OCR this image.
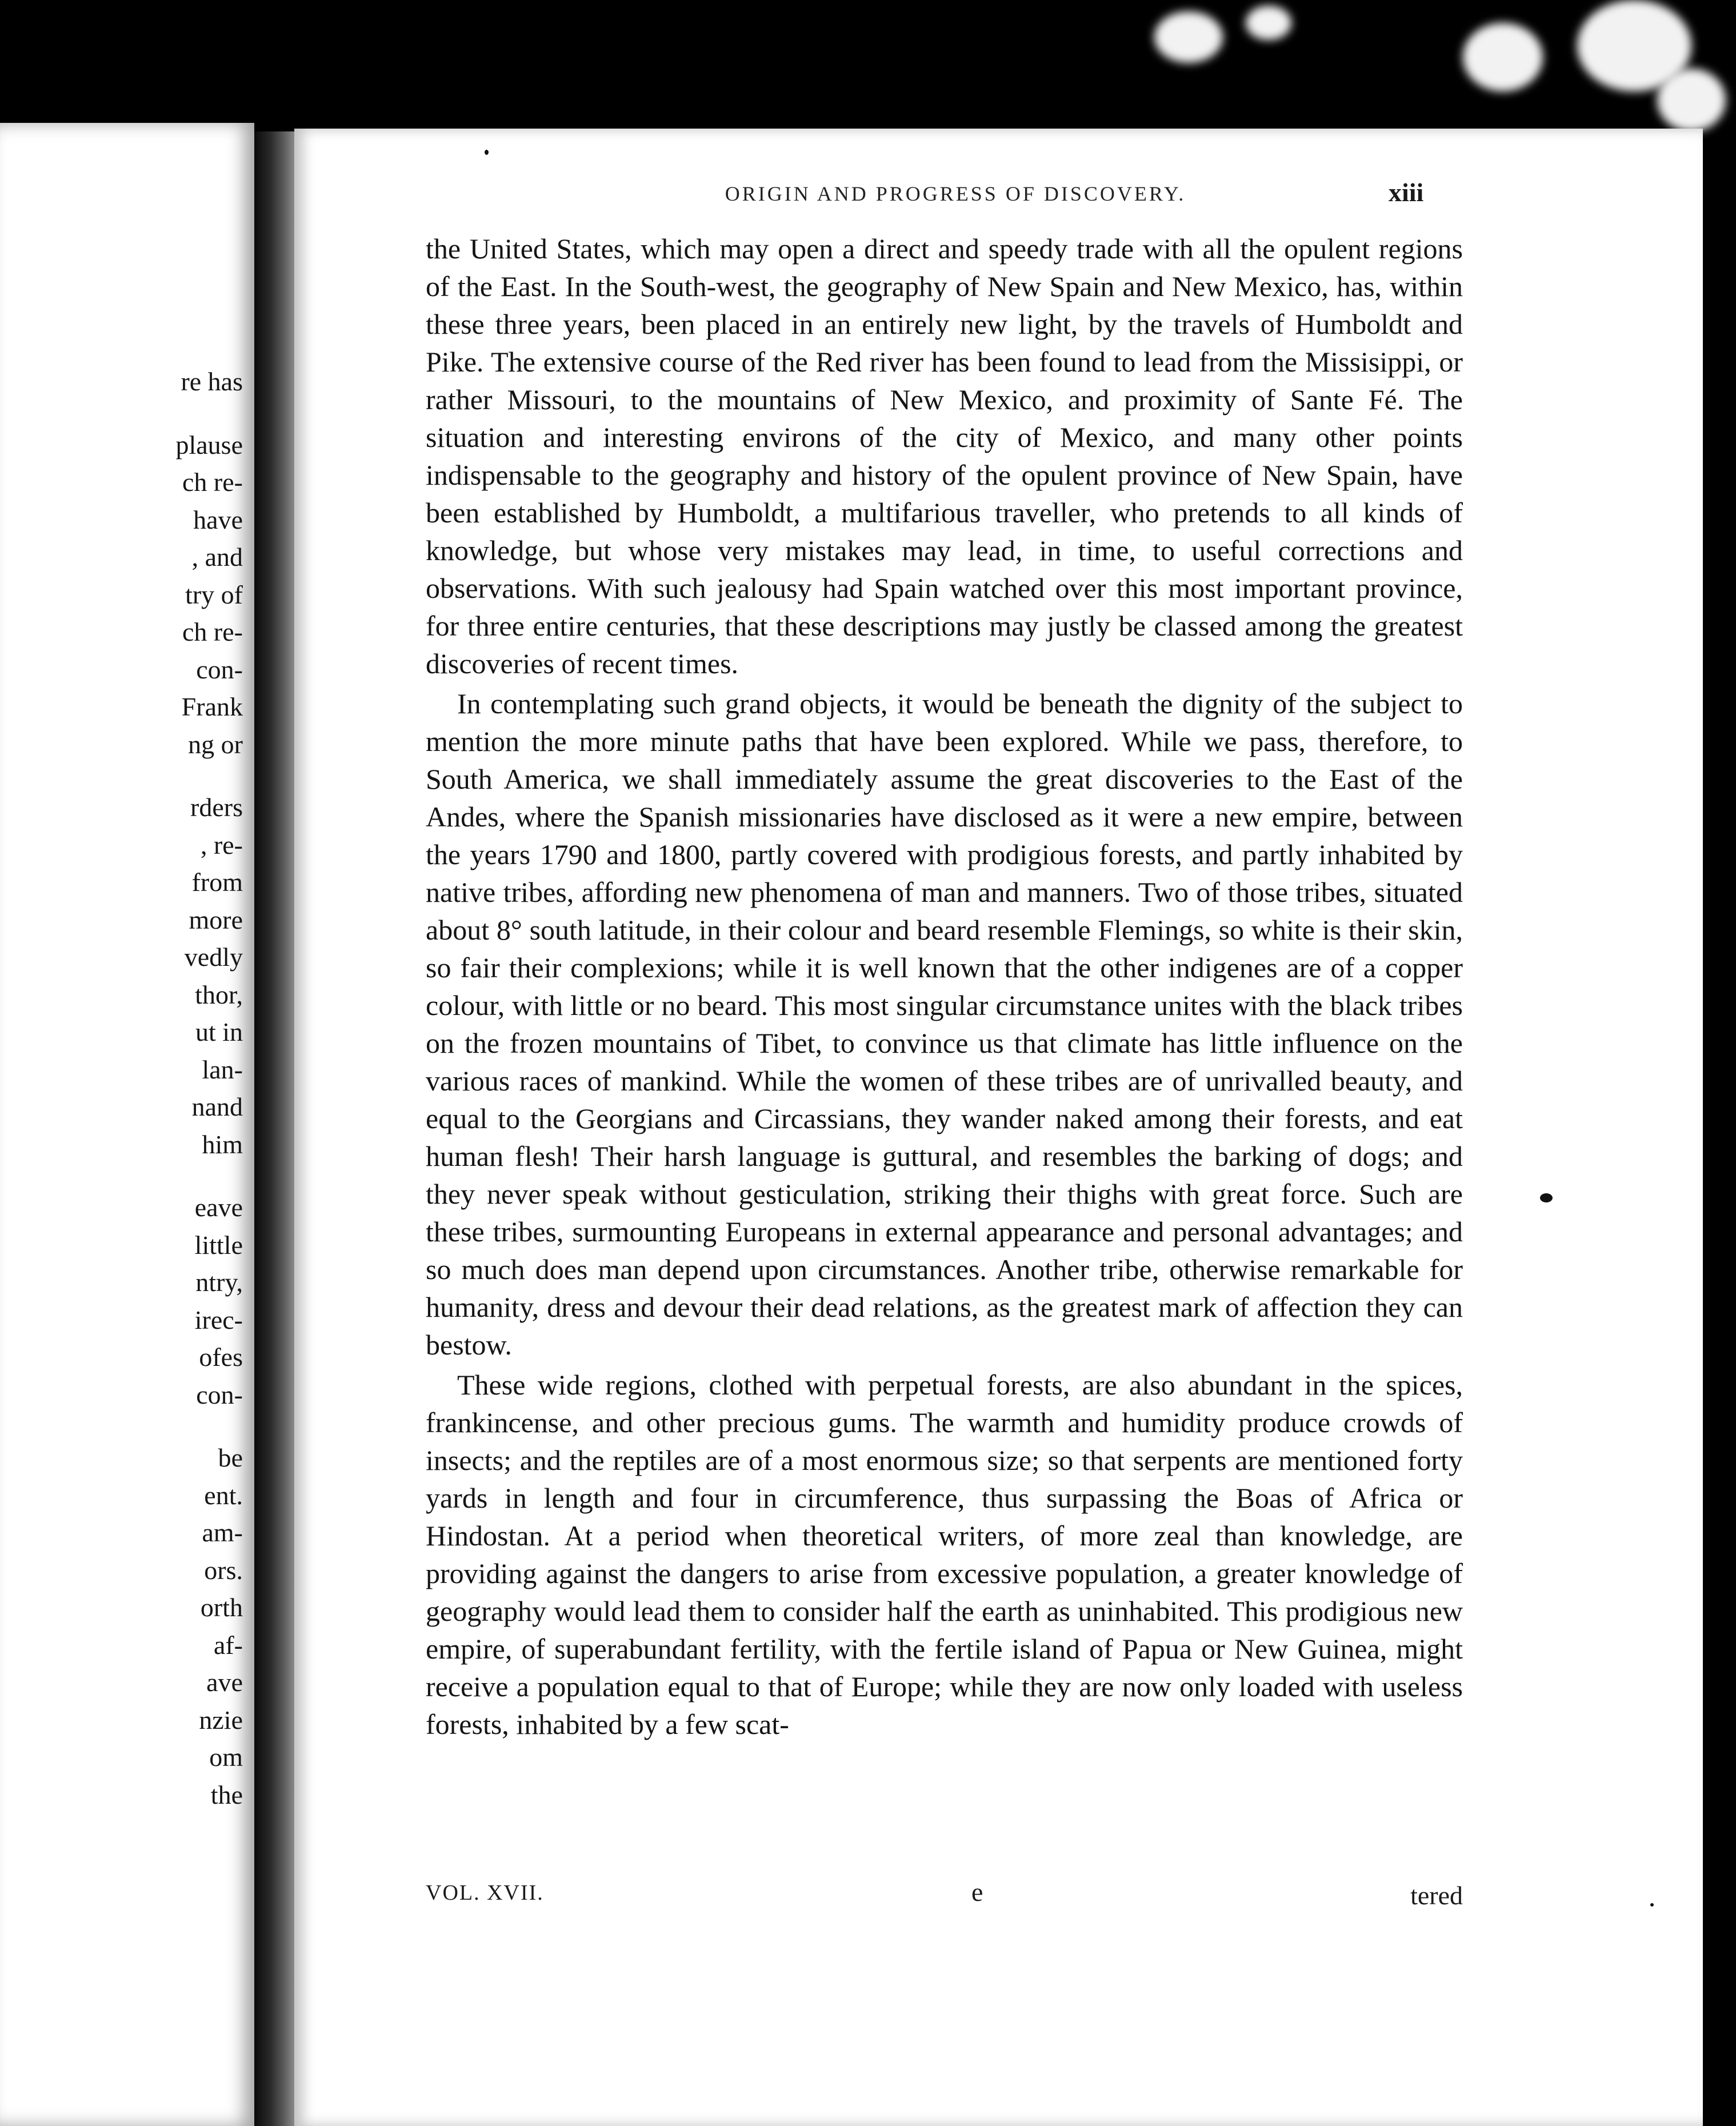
re has
plause
ch re-
have
, and
try of
ch re-
con-
Frank
ng or
rders
, re-
from
more
vedly
thor,
ut in
lan-
nand
him
eave
little
ntry,
irec-
ofes
con-
be
ent.
am-
ors.
orth
af-
ave
nzie
om
the
ORIGIN AND PROGRESS OF DISCOVERY.	xiii

the United States, which may open a direct and speedy trade with all the opulent regions of the East. In the South-west, the geography of New Spain and New Mexico, has, within these three years, been placed in an entirely new light, by the travels of Humboldt and Pike. The extensive course of the Red river has been found to lead from the Missisippi, or rather Missouri, to the mountains of New Mexico, and proximity of Sante Fé. The situation and interesting environs of the city of Mexico, and many other points indispensable to the geography and history of the opulent province of New Spain, have been established by Humboldt, a multifarious traveller, who pretends to all kinds of knowledge, but whose very mistakes may lead, in time, to useful corrections and observations. With such jealousy had Spain watched over this most important province, for three entire centuries, that these descriptions may justly be classed among the greatest discoveries of recent times.

In contemplating such grand objects, it would be beneath the dignity of the subject to mention the more minute paths that have been explored. While we pass, therefore, to South America, we shall immediately assume the great discoveries to the East of the Andes, where the Spanish missionaries have disclosed as it were a new empire, between the years 1790 and 1800, partly covered with prodigious forests, and partly inhabited by native tribes, affording new phenomena of man and manners. Two of those tribes, situated about 8° south latitude, in their colour and beard resemble Flemings, so white is their skin, so fair their complexions; while it is well known that the other indigenes are of a copper colour, with little or no beard. This most singular circumstance unites with the black tribes on the frozen mountains of Tibet, to convince us that climate has little influence on the various races of mankind. While the women of these tribes are of unrivalled beauty, and equal to the Georgians and Circassians, they wander naked among their forests, and eat human flesh! Their harsh language is guttural, and resembles the barking of dogs; and they never speak without gesticulation, striking their thighs with great force. Such are these tribes, surmounting Europeans in external appearance and personal advantages; and so much does man depend upon circumstances. Another tribe, otherwise remarkable for humanity, dress and devour their dead relations, as the greatest mark of affection they can bestow.

These wide regions, clothed with perpetual forests, are also abundant in the spices, frankincense, and other precious gums. The warmth and humidity produce crowds of insects; and the reptiles are of a most enormous size; so that serpents are mentioned forty yards in length and four in circumference, thus surpassing the Boas of Africa or Hindostan. At a period when theoretical writers, of more zeal than knowledge, are providing against the dangers to arise from excessive population, a greater knowledge of geography would lead them to consider half the earth as uninhabited. This prodigious new empire, of superabundant fertility, with the fertile island of Papua or New Guinea, might receive a population equal to that of Europe; while they are now only loaded with useless forests, inhabited by a few scat-

VOL. XVII.	e	tered
